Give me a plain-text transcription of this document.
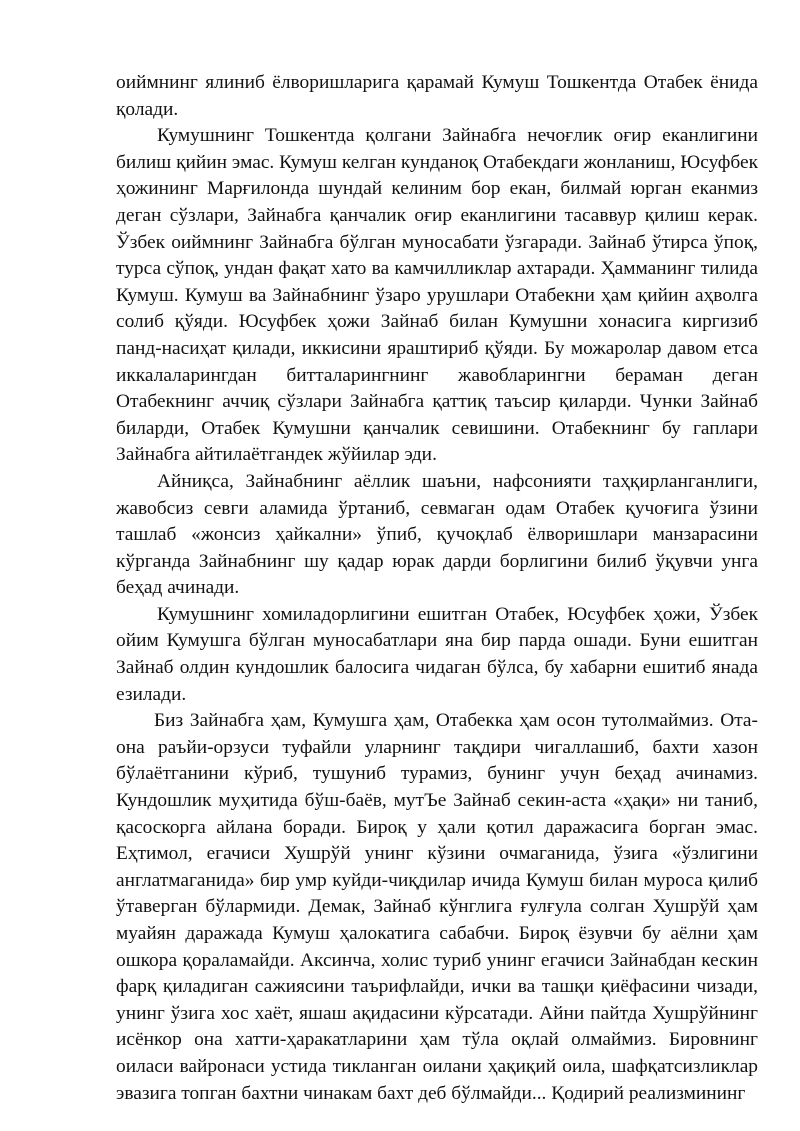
оиймнинг ялиниб ёлворишларига қарамай Кумуш Тошкентда Отабек ёнида қолади.

Кумушнинг Тошкентда қолгани Зайнабга нечоғлик оғир еканлигини билиш қийин эмас. Кумуш келган кунданоқ Отабекдаги жонланиш, Юсуфбек ҳожининг Марғилонда шундай келиним бор екан, билмай юрган еканмиз деган сўзлари, Зайнабга қанчалик оғир еканлигини тасаввур қилиш керак. Ўзбек оиймнинг Зайнабга бўлган муносабати ўзгаради. Зайнаб ўтирса ўпоқ, турса сўпоқ, ундан фақат хато ва камчилликлар ахтаради. Ҳамманинг тилида Кумуш. Кумуш ва Зайнабнинг ўзаро урушлари Отабекни ҳам қийин аҳволга солиб қўяди. Юсуфбек ҳожи Зайнаб билан Кумушни хонасига киргизиб панд-насиҳат қилади, иккисини яраштириб қўяди. Бу можаролар давом етса иккалаларингдан битталарингнинг жавобларингни бераман деган Отабекнинг аччиқ сўзлари Зайнабга қаттиқ таъсир қиларди. Чунки Зайнаб биларди, Отабек Кумушни қанчалик севишини. Отабекнинг бу гаплари Зайнабга айтилаётгандек жўйилар эди.

Айниқса, Зайнабнинг аёллик шаъни, нафсонияти таҳқирланганлиги, жавобсиз севги аламида ўртаниб, севмаган одам Отабек қучоғига ўзини ташлаб «жонсиз ҳайкални» ўпиб, қучоқлаб ёлворишлари манзарасини кўрганда Зайнабнинг шу қадар юрак дарди борлигини билиб ўқувчи унга беҳад ачинади.

Кумушнинг хомиладорлигини ешитган Отабек, Юсуфбек ҳожи, Ўзбек ойим Кумушга бўлган муносабатлари яна бир парда ошади. Буни ешитган Зайнаб олдин кундошлик балосига чидаган бўлса, бу хабарни ешитиб янада езилади.

Биз Зайнабга ҳам, Кумушга ҳам, Отабекка ҳам осон тутолмаймиз. Ота-она раъйи-орзуси туфайли уларнинг тақдири чигаллашиб, бахти хазон бўлаётганини кўриб, тушуниб турамиз, бунинг учун беҳад ачинамиз. Кундошлик муҳитида бўш-баёв, мутЪе Зайнаб секин-аста «ҳақи» ни таниб, қасоскорга айлана боради. Бироқ у ҳали қотил даражасига борган эмас. Еҳтимол, егачиси Хушрўй унинг кўзини очмаганида, ўзига «ўзлигини англатмаганида» бир умр куйди-чиқдилар ичида Кумуш билан муроса қилиб ўтаверган бўлармиди. Демак, Зайнаб кўнглига ғулғула солган Хушрўй ҳам муайян даражада Кумуш ҳалокатига сабабчи. Бироқ ёзувчи бу аёлни ҳам ошкора қораламайди. Аксинча, холис туриб унинг егачиси Зайнабдан кескин фарқ қиладиган сажиясини таърифлайди, ички ва ташқи қиёфасини чизади, унинг ўзига хос хаёт, яшаш ақидасини кўрсатади. Айни пайтда Хушрўйнинг исёнкор она хатти-ҳаракатларини ҳам тўла оқлай олмаймиз. Бировнинг оиласи вайронаси устида тикланган оилани ҳақиқий оила, шафқатсизликлар эвазига топган бахтни чинакам бахт деб бўлмайди... Қодирий реализмининг
